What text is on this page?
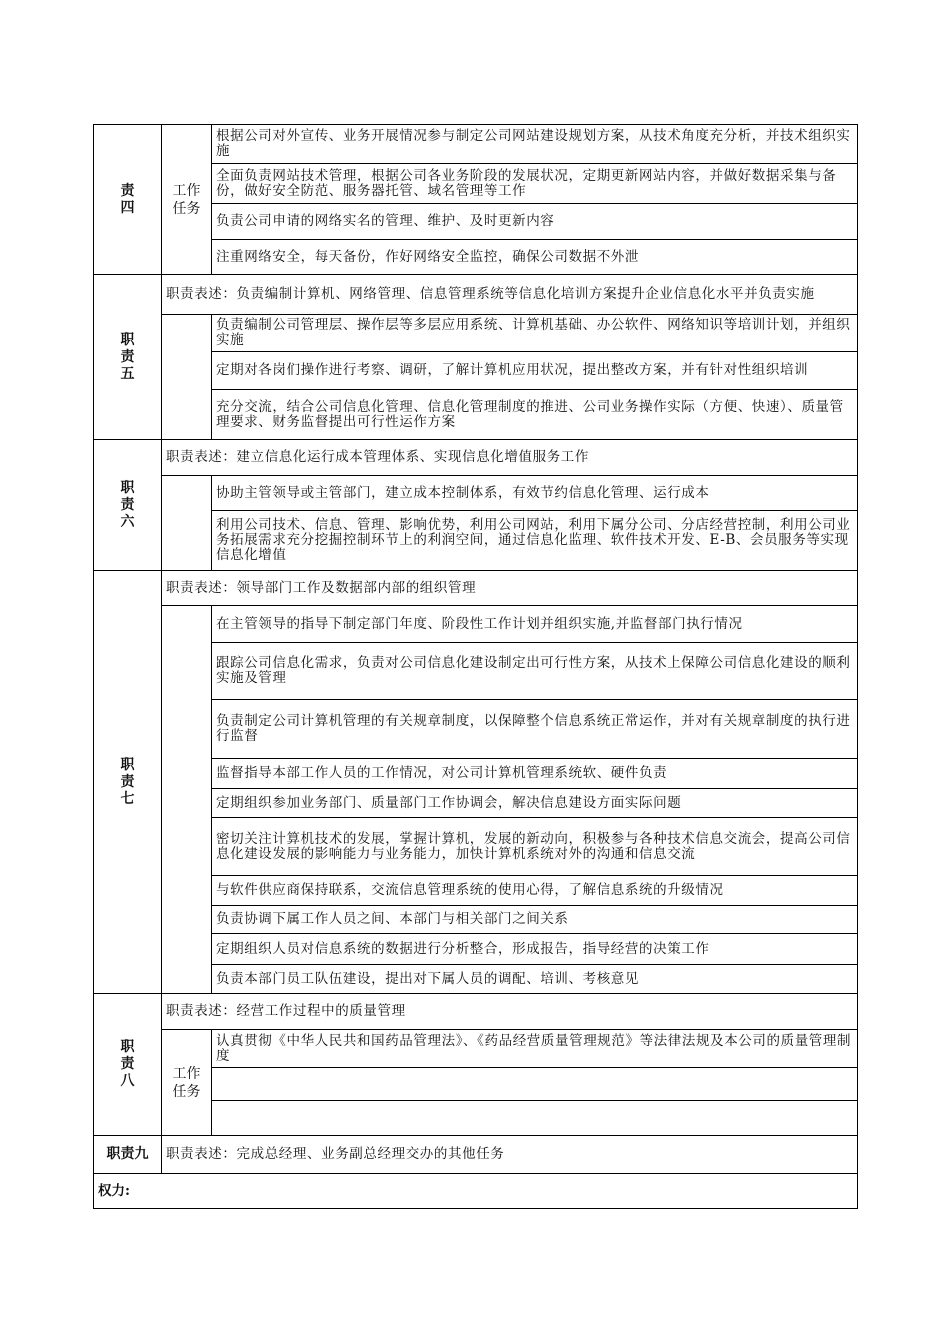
责四	工作任务	根据公司对外宣传、业务开展情况参与制定公司网站建设规划方案，从技术角度充分析，并技术组织实施
		全面负责网站技术管理，根据公司各业务阶段的发展状况，定期更新网站内容，并做好数据采集与备份，做好安全防范、服务器托管、域名管理等工作
		负责公司申请的网络实名的管理、维护、及时更新内容
		注重网络安全，每天备份，作好网络安全监控，确保公司数据不外泄
职责五	职责表述：负责编制计算机、网络管理、信息管理系统等信息化培训方案提升企业信息化水平并负责实施	
		负责编制公司管理层、操作层等多层应用系统、计算机基础、办公软件、网络知识等培训计划，并组织实施
		定期对各岗们操作进行考察、调研，了解计算机应用状况，提出整改方案，并有针对性组织培训
		充分交流，结合公司信息化管理、信息化管理制度的推进、公司业务操作实际（方便、快速）、质量管理要求、财务监督提出可行性运作方案
职责六	职责表述：建立信息化运行成本管理体系、实现信息化增值服务工作	
		协助主管领导或主管部门，建立成本控制体系，有效节约信息化管理、运行成本
		利用公司技术、信息、管理、影响优势，利用公司网站，利用下属分公司、分店经营控制，利用公司业务拓展需求充分挖掘控制环节上的利润空间，通过信息化监理、软件技术开发、E-B、会员服务等实现信息化增值
职责七	职责表述：领导部门工作及数据部内部的组织管理	
		在主管领导的指导下制定部门年度、阶段性工作计划并组织实施,并监督部门执行情况
		跟踪公司信息化需求，负责对公司信息化建设制定出可行性方案，从技术上保障公司信息化建设的顺利实施及管理
		负责制定公司计算机管理的有关规章制度，以保障整个信息系统正常运作，并对有关规章制度的执行进行监督
		监督指导本部工作人员的工作情况，对公司计算机管理系统软、硬件负责
		定期组织参加业务部门、质量部门工作协调会，解决信息建设方面实际问题
		密切关注计算机技术的发展，掌握计算机，发展的新动向，积极参与各种技术信息交流会，提高公司信息化建设发展的影响能力与业务能力，加快计算机系统对外的沟通和信息交流
		与软件供应商保持联系，交流信息管理系统的使用心得，了解信息系统的升级情况
		负责协调下属工作人员之间、本部门与相关部门之间关系
		定期组织人员对信息系统的数据进行分析整合，形成报告，指导经营的决策工作
		负责本部门员工队伍建设，提出对下属人员的调配、培训、考核意见
职责八	职责表述：经营工作过程中的质量管理	
	工作任务	认真贯彻《中华人民共和国药品管理法》、《药品经营质量管理规范》等法律法规及本公司的质量管理制度

职责九	职责表述：完成总经理、业务副总经理交办的其他任务	
权力:		
